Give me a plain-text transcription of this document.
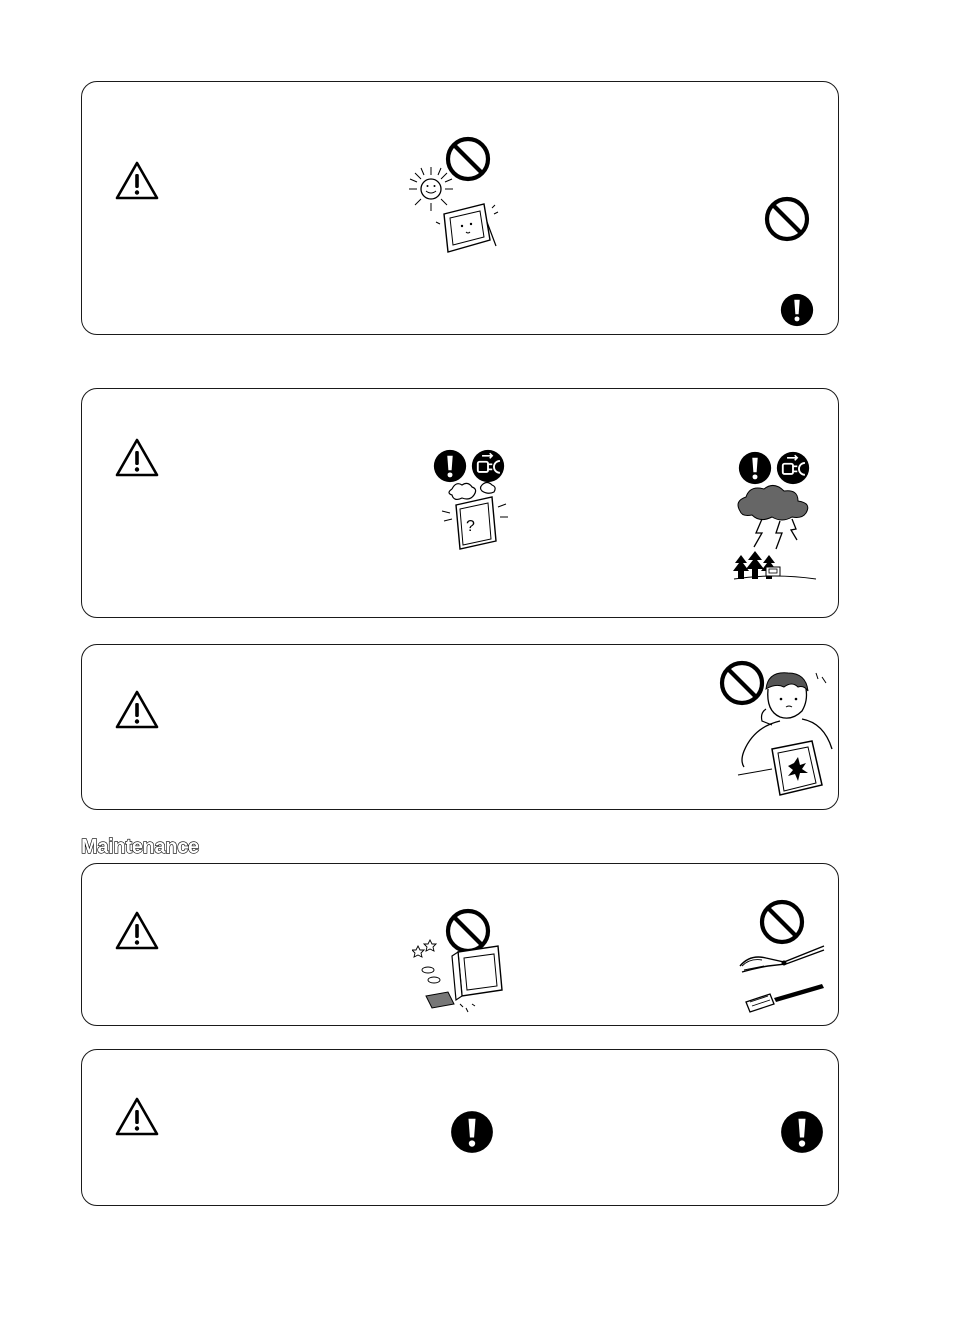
?
Maintenance
